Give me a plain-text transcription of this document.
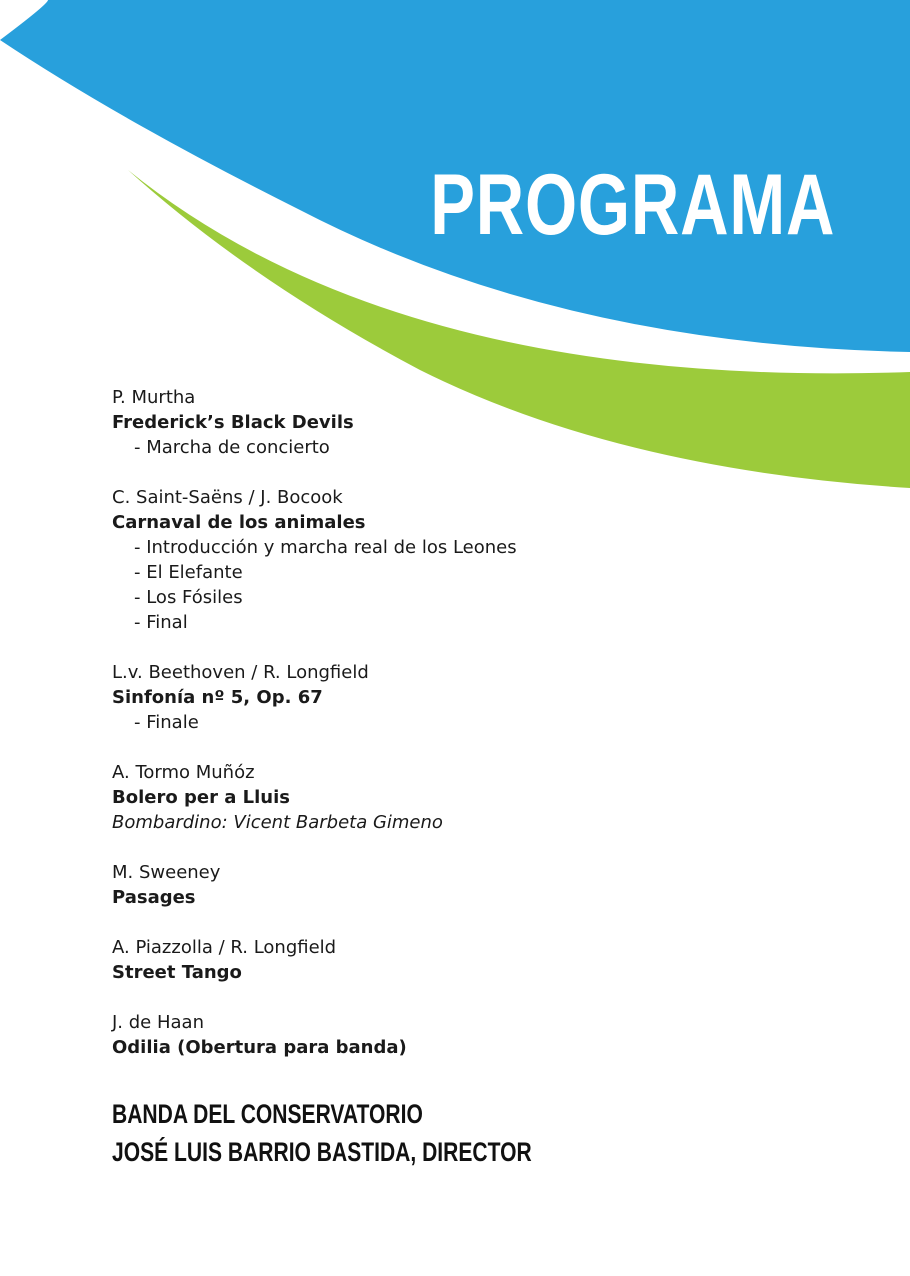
PROGRAMA
P. Murtha
Frederick’s Black Devils
- Marcha de concierto
C. Saint-Saëns / J. Bocook
Carnaval de los animales
- Introducción y marcha real de los Leones
- El Elefante
- Los Fósiles
- Final
L.v. Beethoven / R. Longfield
Sinfonía nº 5, Op. 67
- Finale
A. Tormo Muñóz
Bolero per a Lluis
Bombardino: Vicent Barbeta Gimeno
M. Sweeney
Pasages
A. Piazzolla / R. Longfield
Street Tango
J. de Haan
Odilia (Obertura para banda)
BANDA DEL CONSERVATORIO
JOSÉ LUIS BARRIO BASTIDA, DIRECTOR
